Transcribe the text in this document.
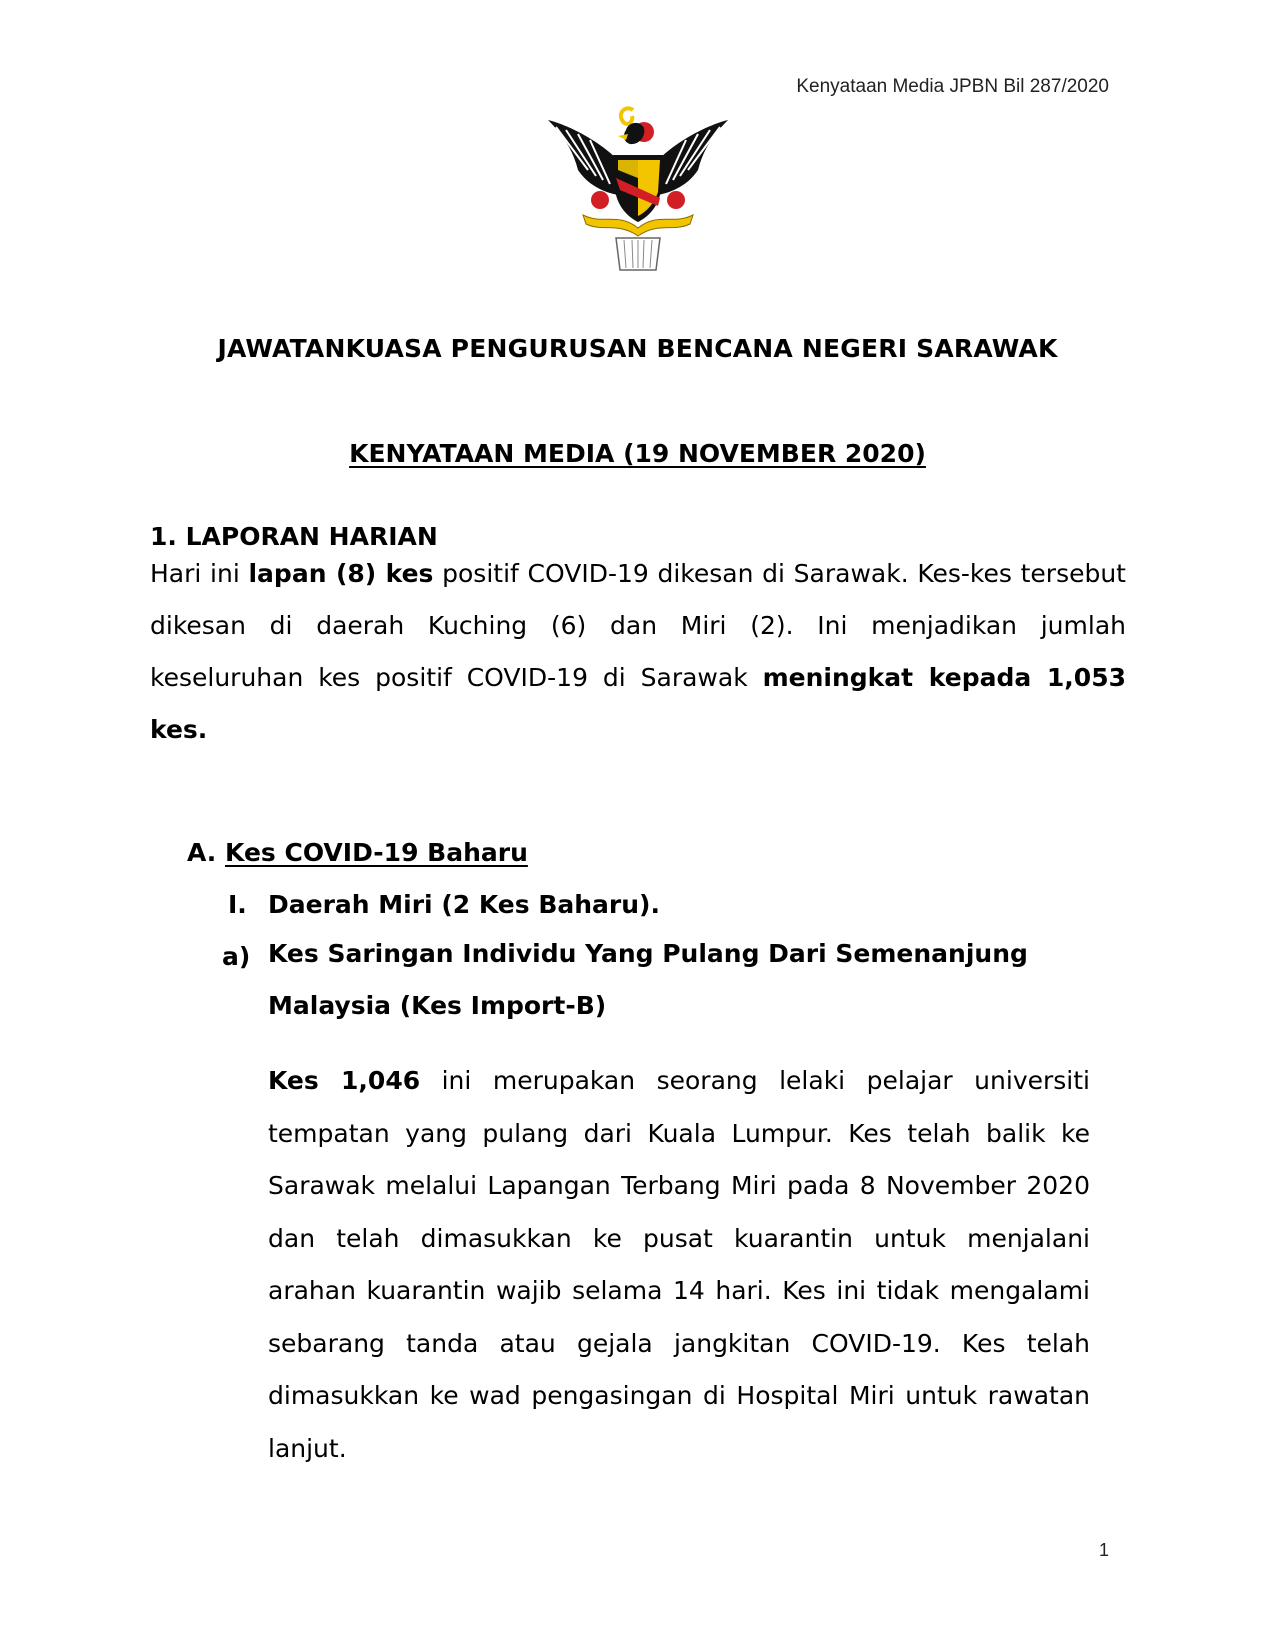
Kenyataan Media JPBN Bil 287/2020
JAWATANKUASA PENGURUSAN BENCANA NEGERI SARAWAK
KENYATAAN MEDIA (19 NOVEMBER 2020)
1. LAPORAN HARIAN
Hari ini lapan (8) kes positif COVID-19 dikesan di Sarawak. Kes-kes tersebut dikesan di daerah Kuching (6) dan Miri (2). Ini menjadikan jumlah keseluruhan kes positif COVID-19 di Sarawak meningkat kepada 1,053 kes.
A. Kes COVID-19 Baharu
I. Daerah Miri (2 Kes Baharu).
a) Kes Saringan Individu Yang Pulang Dari Semenanjung Malaysia (Kes Import-B)
Kes 1,046 ini merupakan seorang lelaki pelajar universiti tempatan yang pulang dari Kuala Lumpur. Kes telah balik ke Sarawak melalui Lapangan Terbang Miri pada 8 November 2020 dan telah dimasukkan ke pusat kuarantin untuk menjalani arahan kuarantin wajib selama 14 hari. Kes ini tidak mengalami sebarang tanda atau gejala jangkitan COVID-19. Kes telah dimasukkan ke wad pengasingan di Hospital Miri untuk rawatan lanjut.
1
